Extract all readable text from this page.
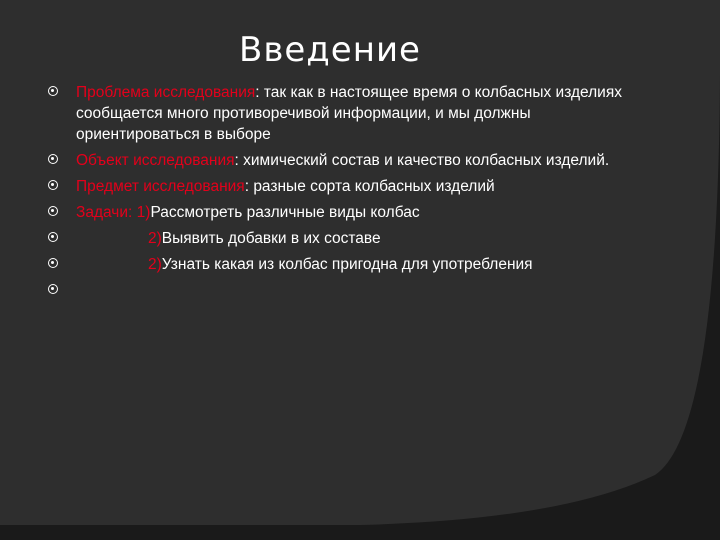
Введение
Проблема исследования: так как в настоящее время о колбасных изделиях сообщается много противоречивой информации, и мы должны ориентироваться в выборе
Объект исследования: химический состав и качество колбасных изделий.
Предмет исследования: разные сорта колбасных изделий
Задачи: 1)Рассмотреть различные виды колбас
2)Выявить добавки в их составе
2)Узнать какая из колбас пригодна для употребления
